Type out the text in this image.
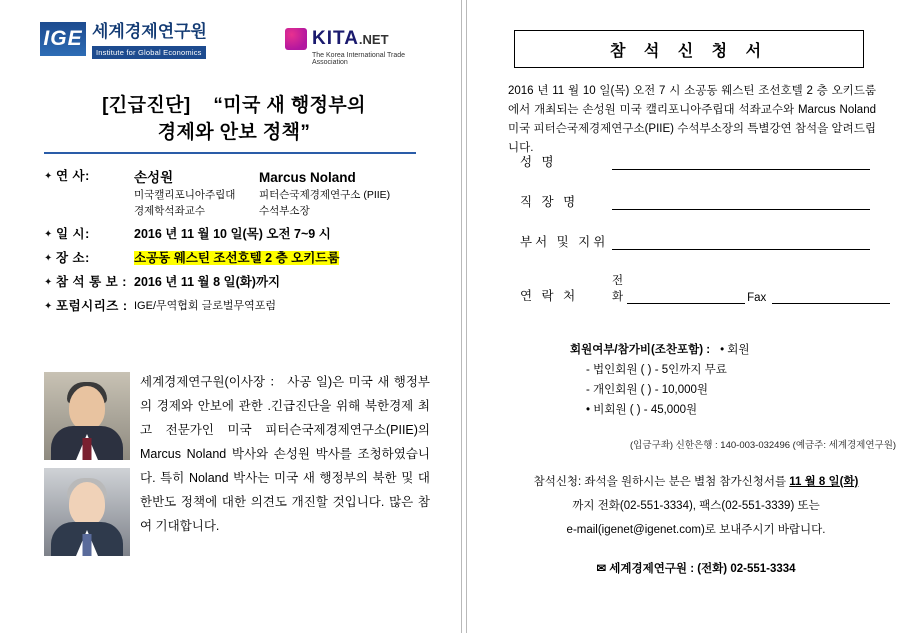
IGE 세계경제연구원
Institute for Global Economics
KITA .NET
The Korea International Trade Association
[긴급진단] “미국 새 행정부의
경제와 안보 정책”
✦ 연 사:	손성원
미국캘리포니아주립대
경제학석좌교수
Marcus Noland
피터슨국제경제연구소 (PIIE)
수석부소장
✦ 일 시:	2016 년 11 월 10 일(목) 오전 7~9 시
✦ 장 소:	소공동 웨스틴 조선호텔 2 층 오키드룸
✦ 참 석 통 보 : 2016 년 11 월 8 일(화)까지
✦ 포럼시리즈 : IGE/무역협회 글로벌무역포럼
세계경제연구원(이사장 ： 사공 일)은 미국 새 행정부의 경제와 안보에 관한 .긴급진단을 위해 북한경제 최고 전문가인 미국 피터슨국제경제연구소(PIIE)의 Marcus Noland 박사와 손성원 박사를 조청하였습니다. 특히 Noland 박사는 미국 새 행정부의 북한 및 대한반도 정책에 대한 의견도 개진할 것입니다. 많은 참여 기대합니다.
참 석 신 청 서
2016 년 11 월 10 일(목) 오전 7 시 소공동 웨스틴 조선호텔 2 층 오키드룸에서 개최되는 손성원 미국 캘리포니아주립대 석좌교수와 Marcus Noland 미국 피터슨국제경제연구소(PIIE) 수석부소장의 특별강연 참석을 알려드립니다.
성 명
직 장 명
부서 및 지위
연 락 처
전화	Fax
회원여부/참가비(조찬포함) : • 회원
- 법인회원 ( ) - 5인까지 무료
- 개인회원 ( ) - 10,000원
• 비회원 ( ) - 45,000원
(입금구좌) 신한은행 : 140-003-032496 (예금주: 세계경제연구원)
참석신청: 좌석을 원하시는 분은 별첨 참가신청서를 11 월 8 일(화)
까지 전화(02-551-3334), 팩스(02-551-3339) 또는
e-mail(igenet@igenet.com)로 보내주시기 바랍니다.
✉ 세계경제연구원 : (전화) 02-551-3334
